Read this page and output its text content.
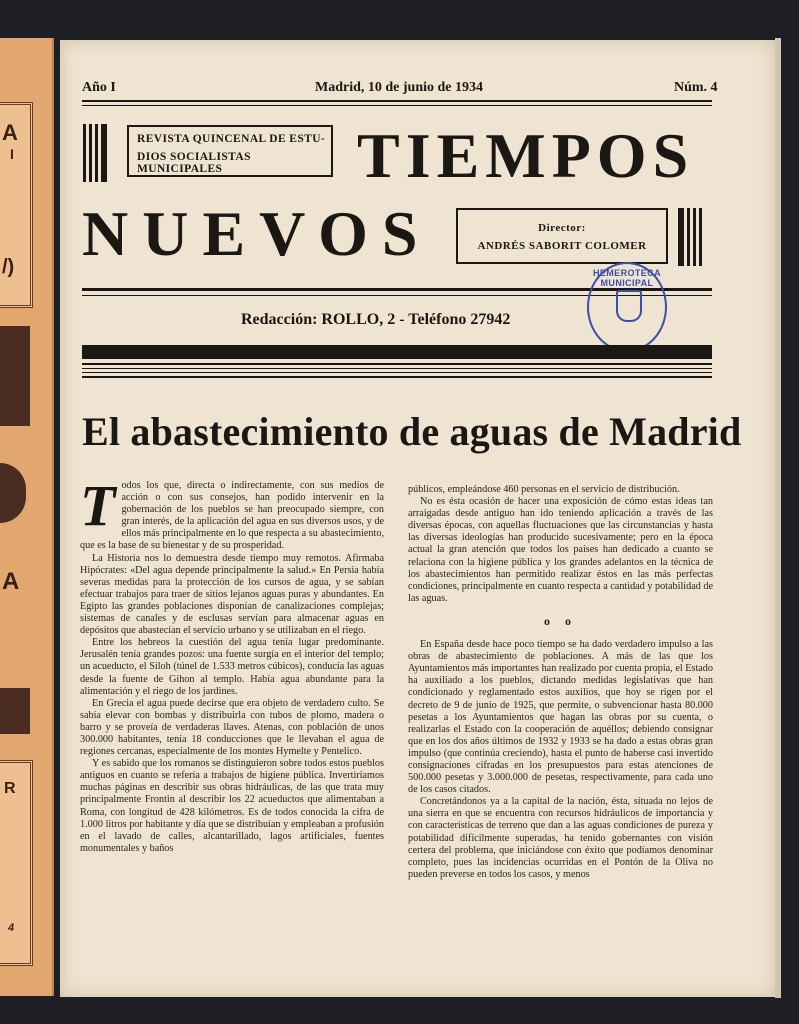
A
I
/)
A
R
4
Año I	Madrid, 10 de junio de 1934	Núm. 4
REVISTA QUINCENAL DE ESTU-
DIOS SOCIALISTAS MUNICIPALES	TIEMPOS
NUEVOS	Director:
ANDRÉS SABORIT COLOMER
Redacción: ROLLO, 2 - Teléfono 27942
HEMEROTECA MUNICIPAL
El abastecimiento de aguas de Madrid
T odos los que, directa o indirectamente, con sus medios de acción o con sus consejos, han podido intervenir en la gobernación de los pueblos se han preocupado siempre, con gran interés, de la aplicación del agua en sus diversos usos, y de ellos más principalmente en lo que respecta a su abastecimiento, que es la base de su bienestar y de su prosperidad.

La Historia nos lo demuestra desde tiempo muy remotos. Afirmaba Hipócrates: «Del agua depende principalmente la salud.» En Persia había severas medidas para la protección de los cursos de agua, y se sabían efectuar trabajos para traer de sitios lejanos aguas puras y abundantes. En Egipto las grandes poblaciones disponían de canalizaciones complejas; sistemas de canales y de esclusas servían para almacenar aguas en depósitos que abastecían el servicio urbano y se utilizaban en el riego.

Entre los hebreos la cuestión del agua tenía lugar predominante. Jerusalén tenía grandes pozos: una fuente surgía en el interior del templo; un acueducto, el Siloh (túnel de 1.533 metros cúbicos), conducía las aguas desde la fuente de Gihon al templo. Había agua abundante para la alimentación y el riego de los jardines.

En Grecia el agua puede decirse que era objeto de verdadero culto. Se sabía elevar con bombas y distribuirla con tubos de plomo, madera o barro y se proveía de verdaderas llaves. Atenas, con población de unos 300.000 habitantes, tenía 18 conducciones que le llevaban el agua de regiones cercanas, especialmente de los montes Hymelte y Pentelico.

Y es sabido que los romanos se distinguieron sobre todos estos pueblos antiguos en cuanto se refería a trabajos de higiene pública. Invertiríamos muchas páginas en describir sus obras hidráulicas, de las que trata muy principalmente Frontin al describir los 22 acueductos que alimentaban a Roma, con longitud de 428 kilómetros. Es de todos conocida la cifra de 1.000 litros por habitante y día que se distribuían y empleaban a profusión en el lavado de calles, alcantarillado, lagos artificiales, fuentes monumentales y baños

públicos, empleándose 460 personas en el servicio de distribución.

No es ésta ocasión de hacer una exposición de cómo estas ideas tan arraigadas desde antiguo han ido teniendo aplicación a través de las diversas épocas, con aquellas fluctuaciones que las circunstancias y hasta las diversas ideologías han producido sucesivamente; pero en la época actual la gran atención que todos los países han dedicado a cuanto se relaciona con la higiene pública y los grandes adelantos en la técnica de los abastecimientos han permitido realizar éstos en las más perfectas condiciones, principalmente en cuanto respecta a cantidad y potabilidad de las aguas.

o o

En España desde hace poco tiempo se ha dado verdadero impulso a las obras de abastecimiento de poblaciones. A más de las que los Ayuntamientos más importantes han realizado por cuenta propia, el Estado ha auxiliado a los pueblos, dictando medidas legislativas que han condicionado y reglamentado estos auxilios, que hoy se rigen por el decreto de 9 de junio de 1925, que permite, o subvencionar hasta 80.000 pesetas a los Ayuntamientos que hagan las obras por su cuenta, o realizarlas el Estado con la cooperación de aquéllos; debiendo consignar que en los dos años últimos de 1932 y 1933 se ha dado a estas obras gran impulso (que continúa creciendo), hasta el punto de haberse casi invertido consignaciones cifradas en los presupuestos para estas atenciones de 500.000 pesetas y 3.000.000 de pesetas, respectivamente, para cada uno de los casos citados.

Concretándonos ya a la capital de la nación, ésta, situada no lejos de una sierra en que se encuentra con recursos hidráulicos de importancia y con características de terreno que dan a las aguas condiciones de pureza y potabilidad difícilmente superadas, ha tenido gobernantes con visión certera del problema, que iniciándose con éxito que podíamos denominar completo, pues las incidencias ocurridas en el Pontón de la Oliva no pueden preverse en todos los casos, y menos
